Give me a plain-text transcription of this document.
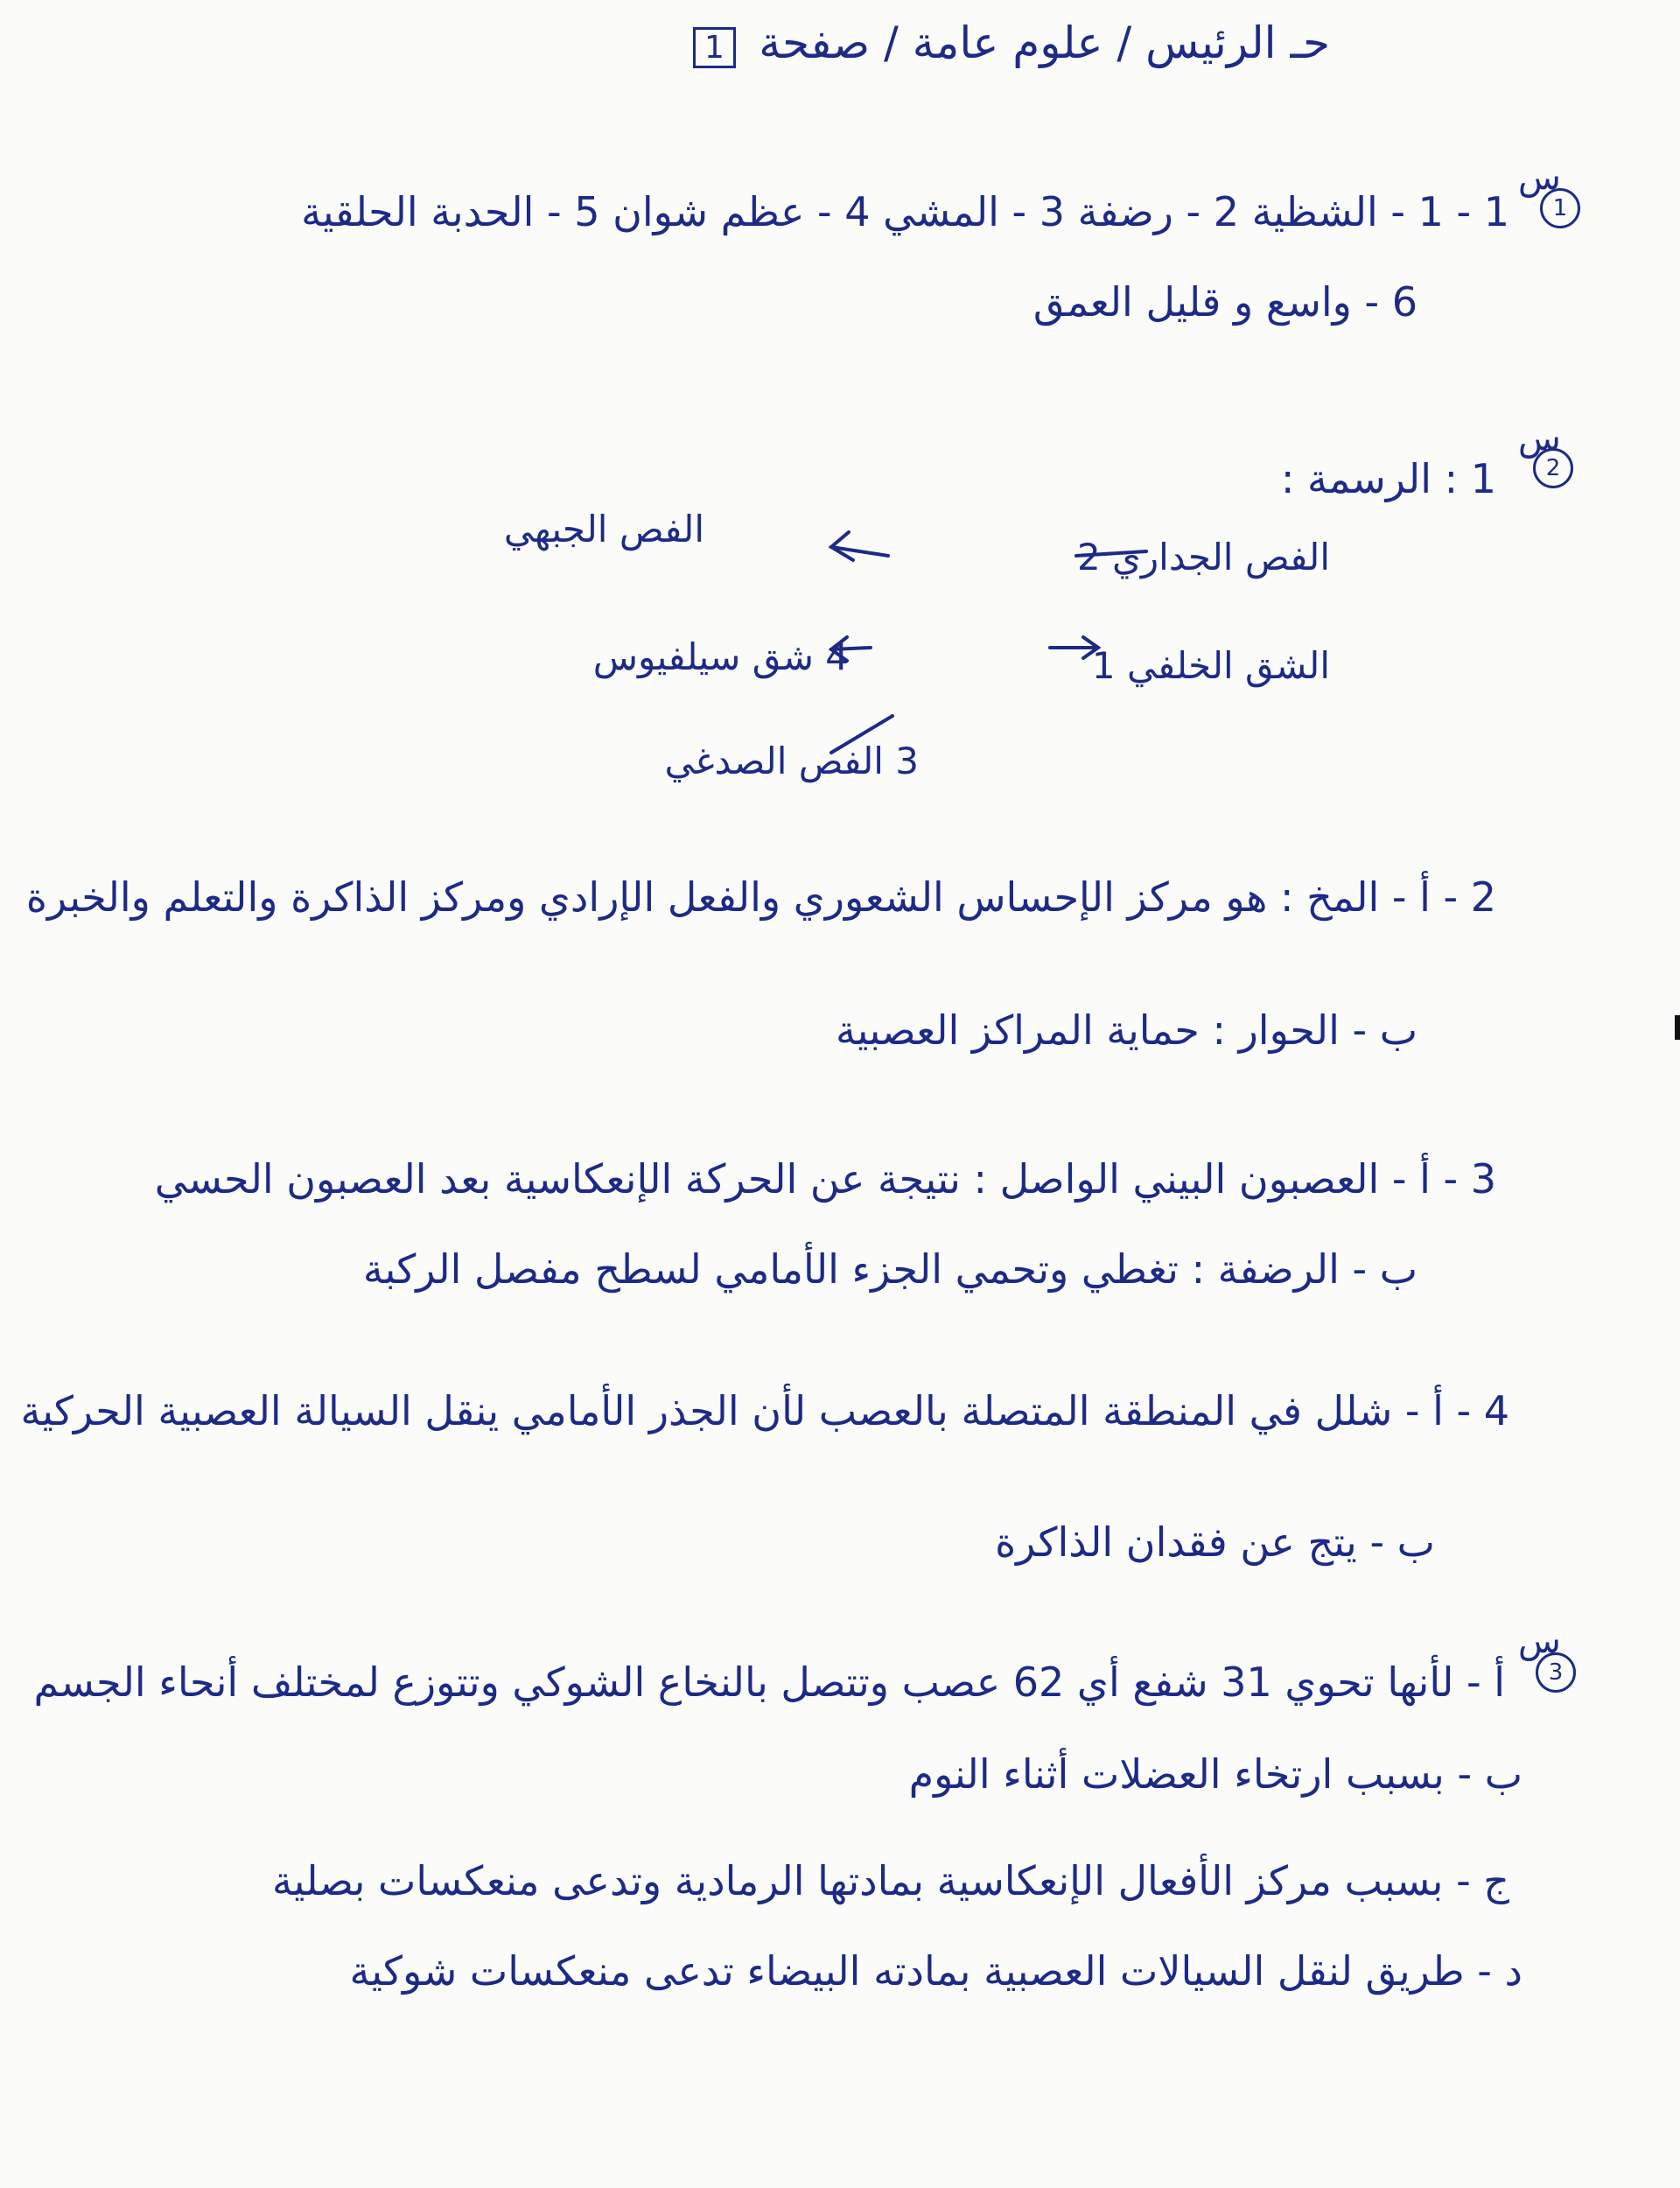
حـ الرئيس / علوم عامة / صفحة 1
1
س
1 - 1 - الشظية 2 - رضفة 3 - المشي 4 - عظم شوان 5 - الحدبة الحلقية
6 - واسع و قليل العمق
2
س
1 : الرسمة :
الفص الجداري 2
الفص الجبهي
الشق الخلفي 1
4 شق سيلفيوس
3 الفص الصدغي
2 - أ - المخ : هو مركز الإحساس الشعوري والفعل الإرادي ومركز الذاكرة والتعلم والخبرة
ب - الحوار : حماية المراكز العصبية
3 - أ - العصبون البيني الواصل : نتيجة عن الحركة الإنعكاسية بعد العصبون الحسي
ب - الرضفة : تغطي وتحمي الجزء الأمامي لسطح مفصل الركبة
4 - أ - شلل في المنطقة المتصلة بالعصب لأن الجذر الأمامي ينقل السيالة العصبية الحركية
ب - يتج عن فقدان الذاكرة
3
س
أ - لأنها تحوي 31 شفع أي 62 عصب وتتصل بالنخاع الشوكي وتتوزع لمختلف أنحاء الجسم
ب - بسبب ارتخاء العضلات أثناء النوم
ج - بسبب مركز الأفعال الإنعكاسية بمادتها الرمادية وتدعى منعكسات بصلية
د - طريق لنقل السيالات العصبية بمادته البيضاء تدعى منعكسات شوكية
